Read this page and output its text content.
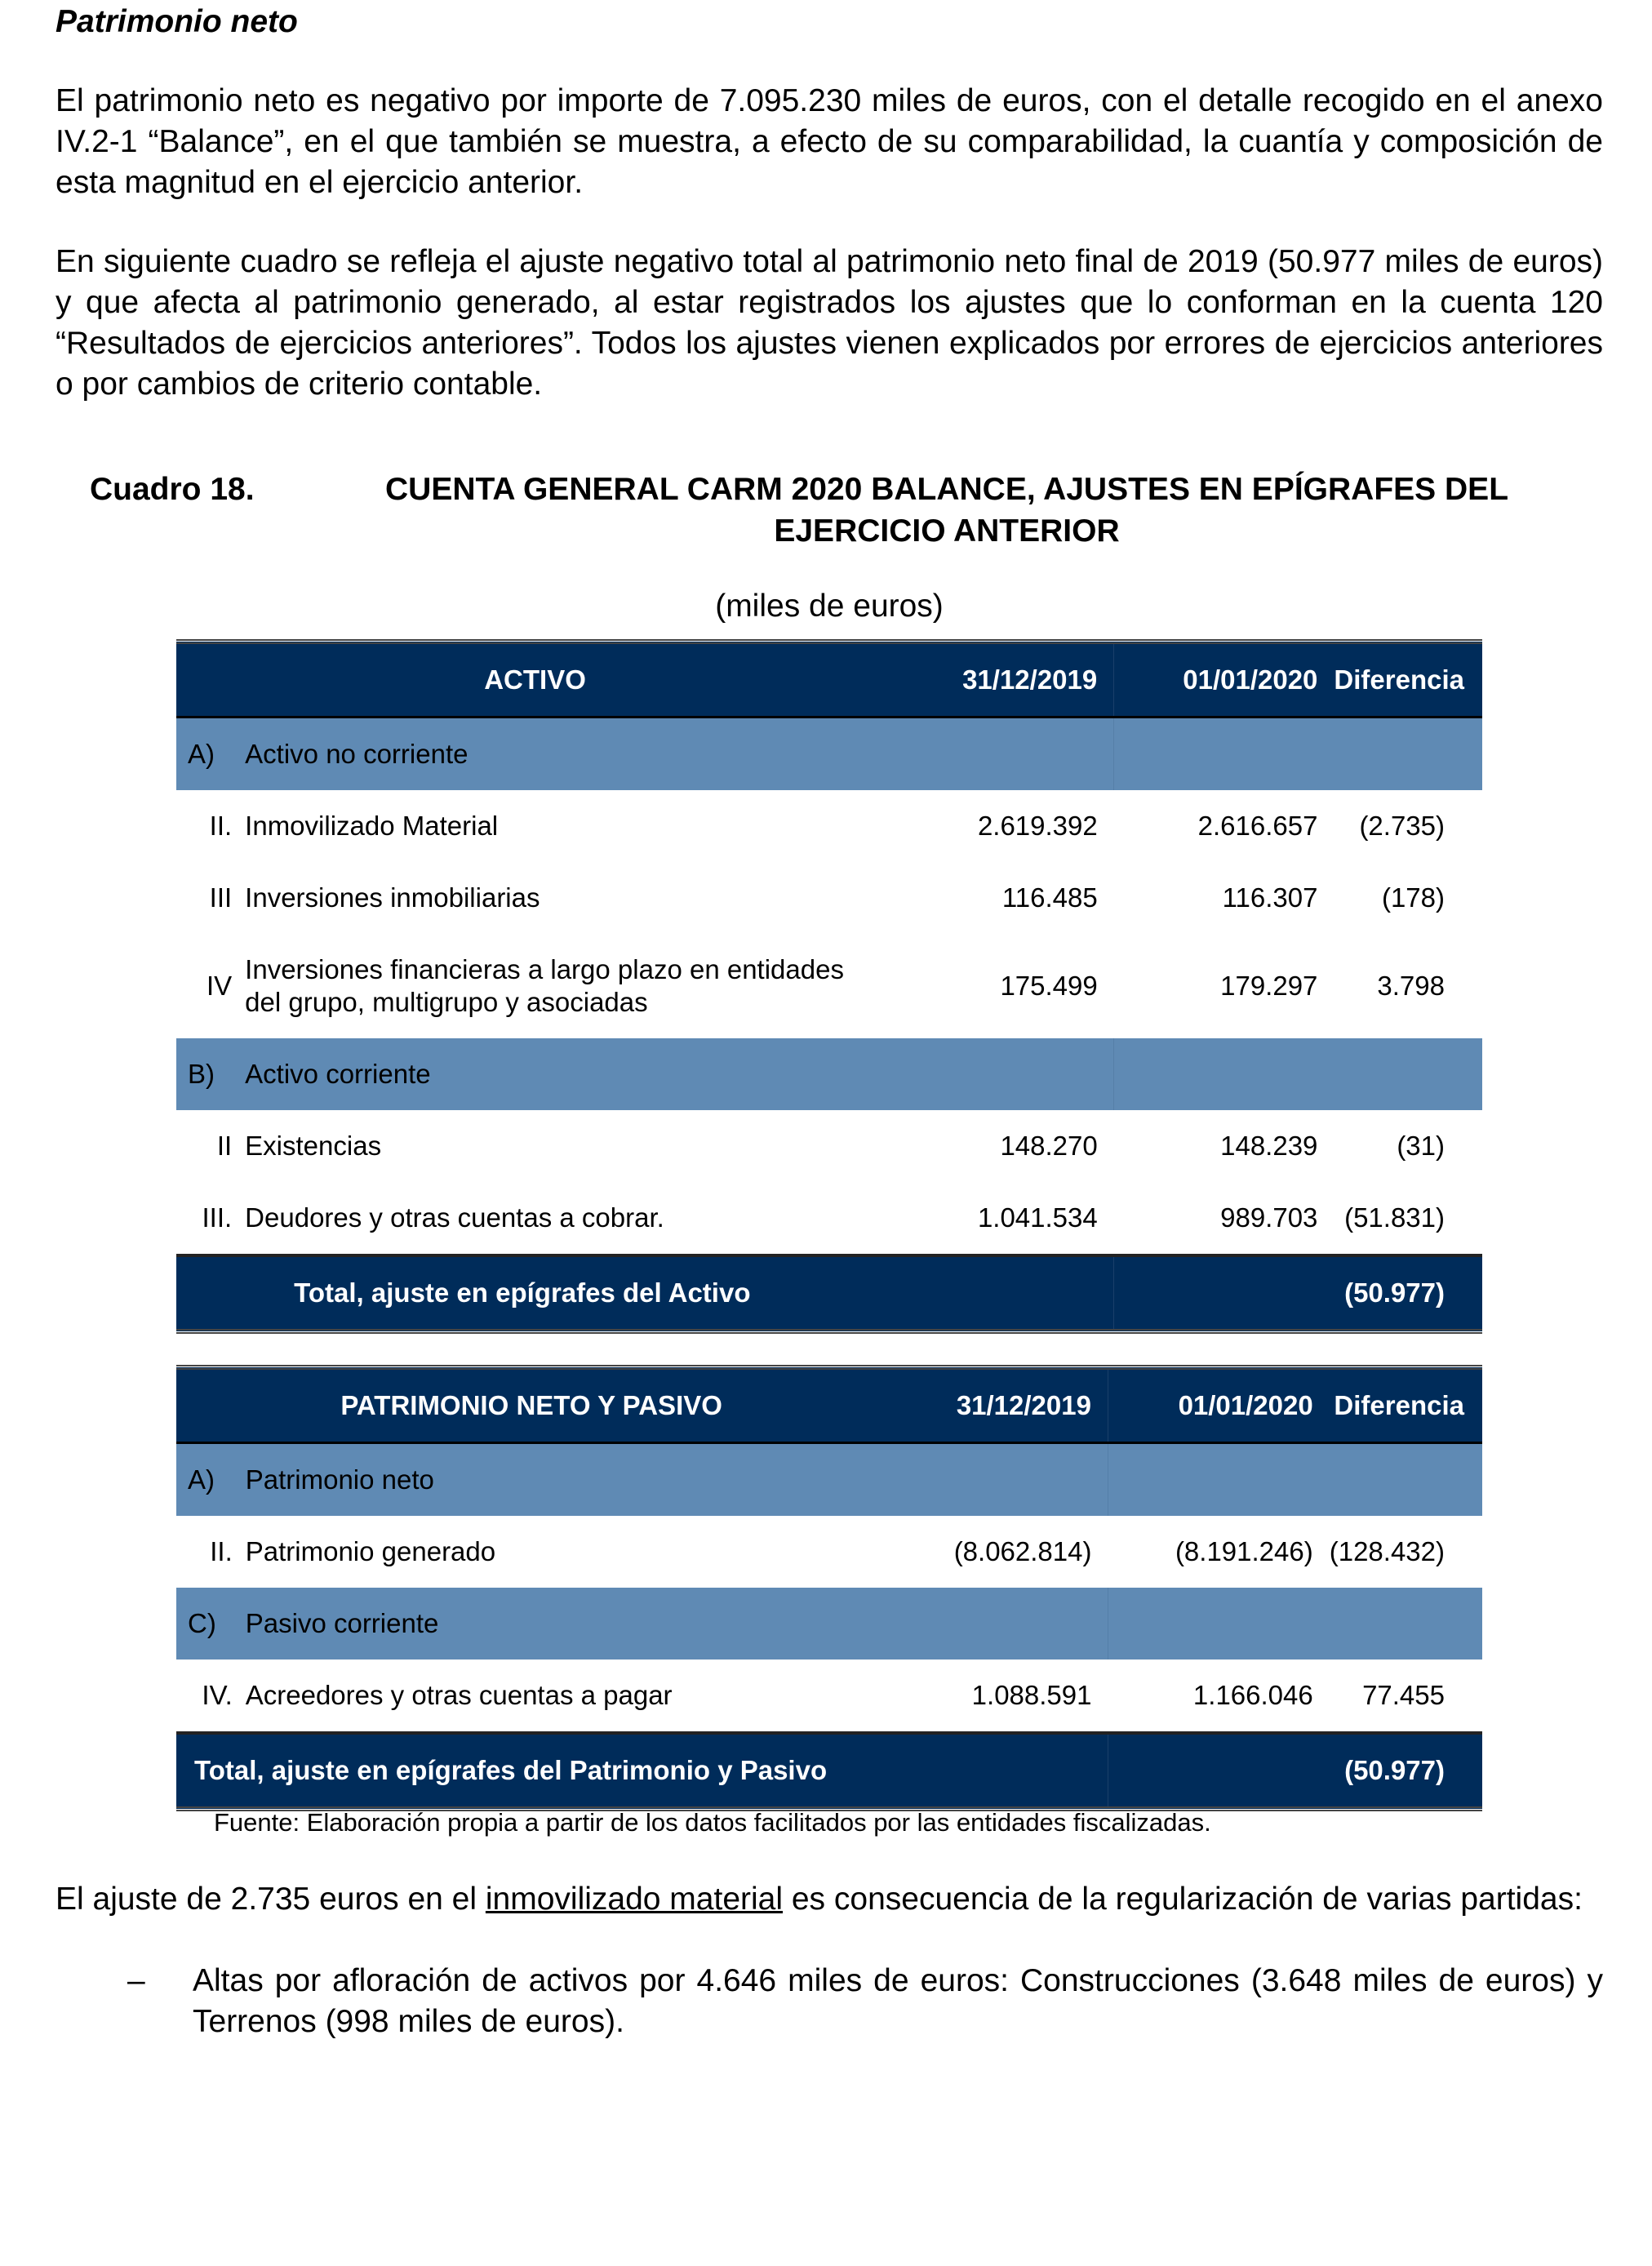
Patrimonio neto

El patrimonio neto es negativo por importe de 7.095.230 miles de euros, con el detalle recogido en el anexo IV.2-1 “Balance”, en el que también se muestra, a efecto de su comparabilidad, la cuantía y composición de esta magnitud en el ejercicio anterior.

En siguiente cuadro se refleja el ajuste negativo total al patrimonio neto final de 2019 (50.977 miles de euros) y que afecta al patrimonio generado, al estar registrados los ajustes que lo conforman en la cuenta 120 “Resultados de ejercicios anteriores”. Todos los ajustes vienen explicados por errores de ejercicios anteriores o por cambios de criterio contable.

Cuadro 18.	CUENTA GENERAL CARM 2020 BALANCE, AJUSTES EN EPÍGRAFES DEL EJERCICIO ANTERIOR

(miles de euros)

ACTIVO		31/12/2019	01/01/2020	Diferencia
A)	Activo no corriente			
II.	Inmovilizado Material	2.619.392	2.616.657	(2.735)
III	Inversiones inmobiliarias	116.485	116.307	(178)
IV	Inversiones financieras a largo plazo en entidades del grupo, multigrupo y asociadas	175.499	179.297	3.798
B)	Activo corriente			
II	Existencias	148.270	148.239	(31)
III.	Deudores y otras cuentas a cobrar.	1.041.534	989.703	(51.831)
	Total, ajuste en epígrafes del Activo			(50.977)
PATRIMONIO NETO Y PASIVO		31/12/2019	01/01/2020	Diferencia
A)	Patrimonio neto			
II.	Patrimonio generado	(8.062.814)	(8.191.246)	(128.432)
C)	Pasivo corriente			
IV.	Acreedores y otras cuentas a pagar	1.088.591	1.166.046	77.455
Total, ajuste en epígrafes del Patrimonio y Pasivo				(50.977)
Fuente: Elaboración propia a partir de los datos facilitados por las entidades fiscalizadas.

El ajuste de 2.735 euros en el inmovilizado material es consecuencia de la regularización de varias partidas:

– Altas por afloración de activos por 4.646 miles de euros: Construcciones (3.648 miles de euros) y Terrenos (998 miles de euros).
